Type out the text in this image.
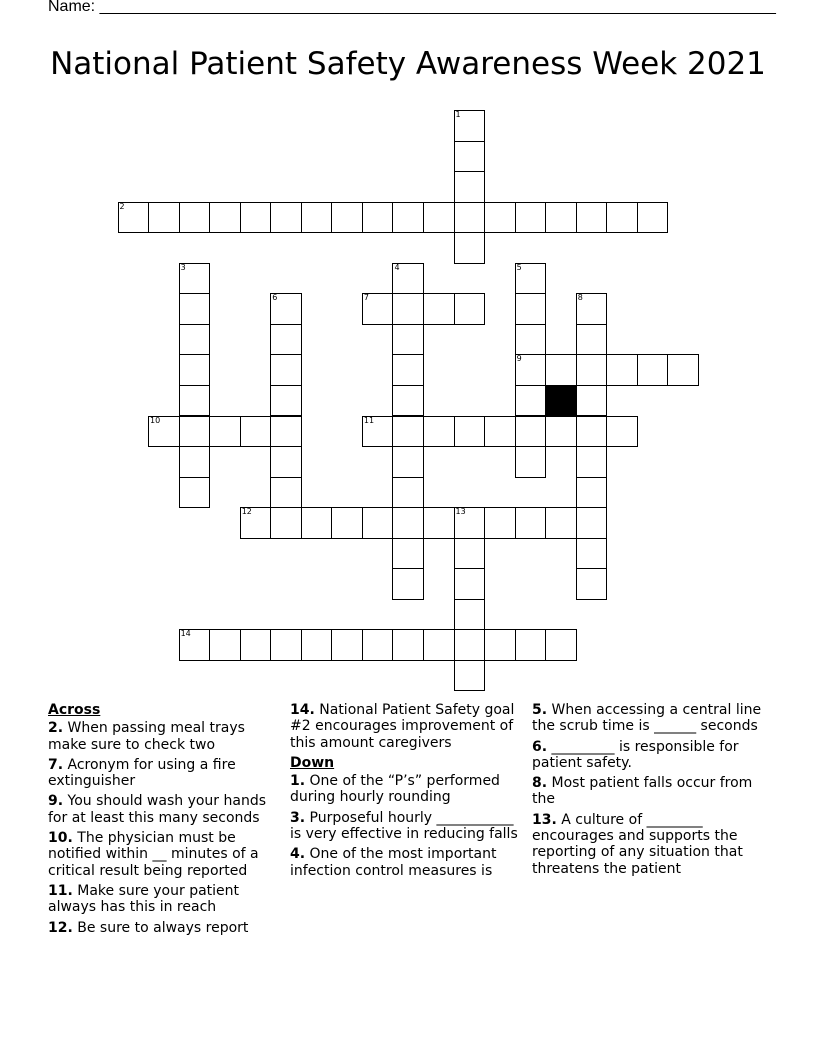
Name: ____________________________________________________________________________
National Patient Safety Awareness Week 2021
1
2
3	4	5
9
6	7	8
10	11
12	13
14
Across
2. When passing meal trays make sure to check two
7. Acronym for using a fire extinguisher
9. You should wash your hands for at least this many seconds
10. The physician must be notified within __ minutes of a critical result being reported
11. Make sure your patient always has this in reach
12. Be sure to always report
14. National Patient Safety goal #2 encourages improvement of this amount caregivers
Down
1. One of the “P’s” performed during hourly rounding
3. Purposeful hourly ___________ is very effective in reducing falls
4. One of the most important infection control measures is
5. When accessing a central line the scrub time is ______ seconds
6. _________ is responsible for patient safety.
8. Most patient falls occur from the
13. A culture of ________ encourages and supports the reporting of any situation that threatens the patient
